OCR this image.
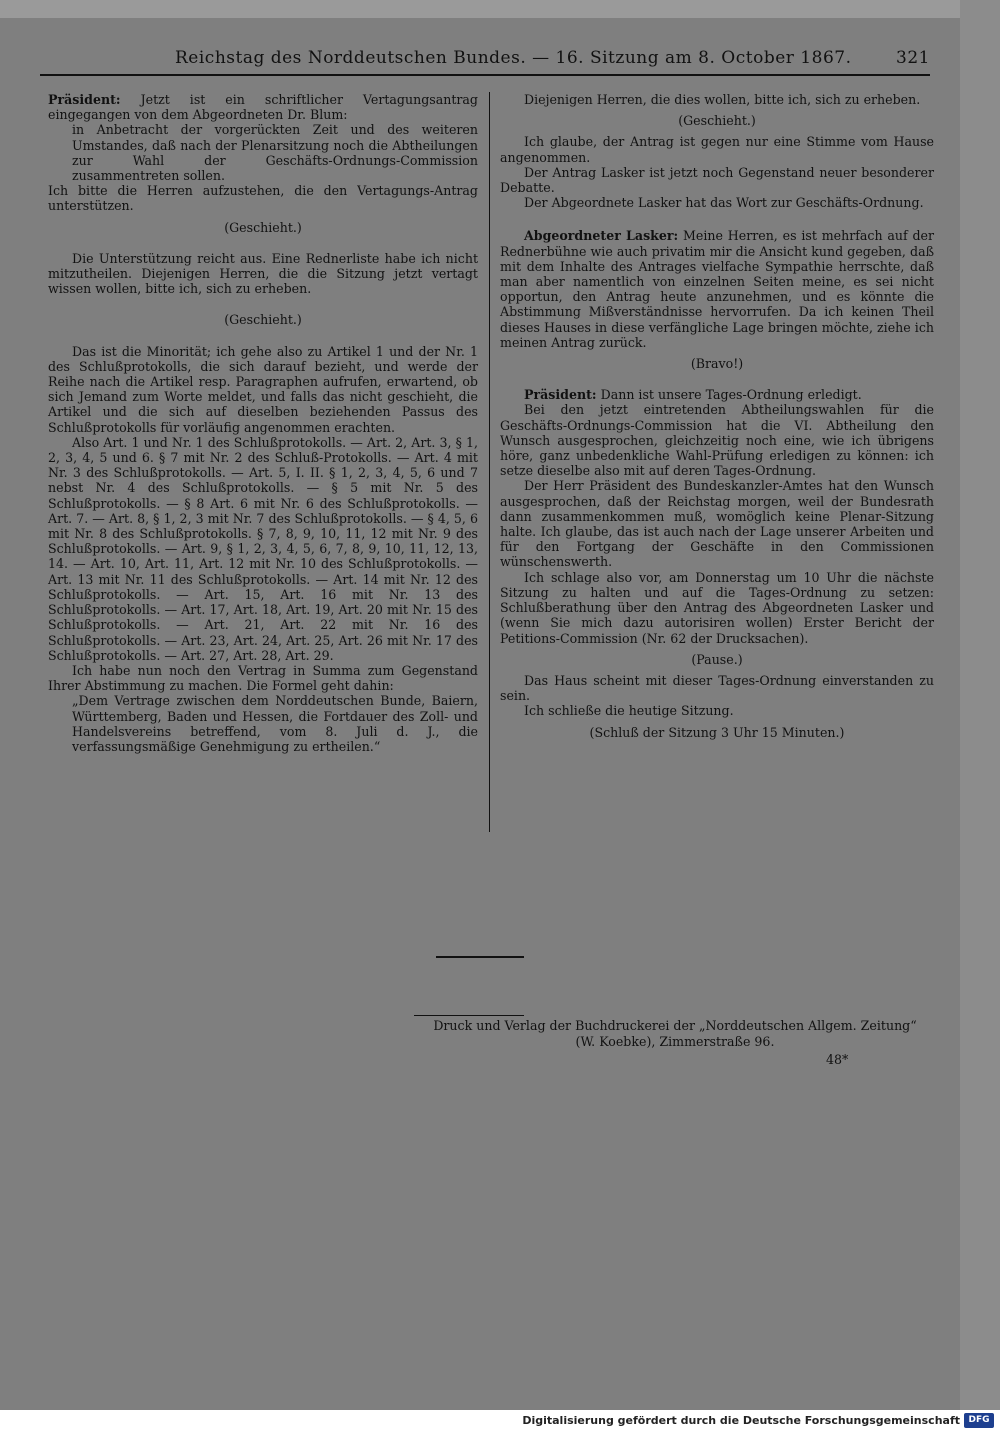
Reichstag des Norddeutschen Bundes. — 16. Sitzung am 8. October 1867.	321

Präsident: Jetzt ist ein schriftlicher Vertagungsantrag eingegangen von dem Abgeordneten Dr. Blum:

in Anbetracht der vorgerückten Zeit und des weiteren Umstandes, daß nach der Plenarsitzung noch die Abtheilungen zur Wahl der Geschäfts-Ordnungs-Commission zusammentreten sollen.

Ich bitte die Herren aufzustehen, die den Vertagungs-Antrag unterstützen.

(Geschieht.)

Die Unterstützung reicht aus. Eine Rednerliste habe ich nicht mitzutheilen. Diejenigen Herren, die die Sitzung jetzt vertagt wissen wollen, bitte ich, sich zu erheben.

(Geschieht.)

Das ist die Minorität; ich gehe also zu Artikel 1 und der Nr. 1 des Schlußprotokolls, die sich darauf bezieht, und werde der Reihe nach die Artikel resp. Paragraphen aufrufen, erwartend, ob sich Jemand zum Worte meldet, und falls das nicht geschieht, die Artikel und die sich auf dieselben beziehenden Passus des Schlußprotokolls für vorläufig angenommen erachten.

Also Art. 1 und Nr. 1 des Schlußprotokolls. — Art. 2, Art. 3, § 1, 2, 3, 4, 5 und 6. § 7 mit Nr. 2 des Schluß-Protokolls. — Art. 4 mit Nr. 3 des Schlußprotokolls. — Art. 5, I. II. § 1, 2, 3, 4, 5, 6 und 7 nebst Nr. 4 des Schlußprotokolls. — § 5 mit Nr. 5 des Schlußprotokolls. — § 8 Art. 6 mit Nr. 6 des Schlußprotokolls. — Art. 7. — Art. 8, § 1, 2, 3 mit Nr. 7 des Schlußprotokolls. — § 4, 5, 6 mit Nr. 8 des Schlußprotokolls. § 7, 8, 9, 10, 11, 12 mit Nr. 9 des Schlußprotokolls. — Art. 9, § 1, 2, 3, 4, 5, 6, 7, 8, 9, 10, 11, 12, 13, 14. — Art. 10, Art. 11, Art. 12 mit Nr. 10 des Schlußprotokolls. — Art. 13 mit Nr. 11 des Schlußprotokolls. — Art. 14 mit Nr. 12 des Schlußprotokolls. — Art. 15, Art. 16 mit Nr. 13 des Schlußprotokolls. — Art. 17, Art. 18, Art. 19, Art. 20 mit Nr. 15 des Schlußprotokolls. — Art. 21, Art. 22 mit Nr. 16 des Schlußprotokolls. — Art. 23, Art. 24, Art. 25, Art. 26 mit Nr. 17 des Schlußprotokolls. — Art. 27, Art. 28, Art. 29.

Ich habe nun noch den Vertrag in Summa zum Gegenstand Ihrer Abstimmung zu machen. Die Formel geht dahin:

„Dem Vertrage zwischen dem Norddeutschen Bunde, Baiern, Württemberg, Baden und Hessen, die Fortdauer des Zoll- und Handelsvereins betreffend, vom 8. Juli d. J., die verfassungsmäßige Genehmigung zu ertheilen.“

Diejenigen Herren, die dies wollen, bitte ich, sich zu erheben.

(Geschieht.)

Ich glaube, der Antrag ist gegen nur eine Stimme vom Hause angenommen.

Der Antrag Lasker ist jetzt noch Gegenstand neuer besonderer Debatte.

Der Abgeordnete Lasker hat das Wort zur Geschäfts-Ordnung.

Abgeordneter Lasker: Meine Herren, es ist mehrfach auf der Rednerbühne wie auch privatim mir die Ansicht kund gegeben, daß mit dem Inhalte des Antrages vielfache Sympathie herrschte, daß man aber namentlich von einzelnen Seiten meine, es sei nicht opportun, den Antrag heute anzunehmen, und es könnte die Abstimmung Mißverständnisse hervorrufen. Da ich keinen Theil dieses Hauses in diese verfängliche Lage bringen möchte, ziehe ich meinen Antrag zurück.

(Bravo!)

Präsident: Dann ist unsere Tages-Ordnung erledigt.

Bei den jetzt eintretenden Abtheilungswahlen für die Geschäfts-Ordnungs-Commission hat die VI. Abtheilung den Wunsch ausgesprochen, gleichzeitig noch eine, wie ich übrigens höre, ganz unbedenkliche Wahl-Prüfung erledigen zu können: ich setze dieselbe also mit auf deren Tages-Ordnung.

Der Herr Präsident des Bundeskanzler-Amtes hat den Wunsch ausgesprochen, daß der Reichstag morgen, weil der Bundesrath dann zusammenkommen muß, womöglich keine Plenar-Sitzung halte. Ich glaube, das ist auch nach der Lage unserer Arbeiten und für den Fortgang der Geschäfte in den Commissionen wünschenswerth.

Ich schlage also vor, am Donnerstag um 10 Uhr die nächste Sitzung zu halten und auf die Tages-Ordnung zu setzen: Schlußberathung über den Antrag des Abgeordneten Lasker und (wenn Sie mich dazu autorisiren wollen) Erster Bericht der Petitions-Commission (Nr. 62 der Drucksachen).

(Pause.)

Das Haus scheint mit dieser Tages-Ordnung einverstanden zu sein.

Ich schließe die heutige Sitzung.

(Schluß der Sitzung 3 Uhr 15 Minuten.)

Druck und Verlag der Buchdruckerei der „Norddeutschen Allgem. Zeitung“
(W. Koebke), Zimmerstraße 96.
48*
Digitalisierung gefördert durch die Deutsche Forschungsgemeinschaft DFG
